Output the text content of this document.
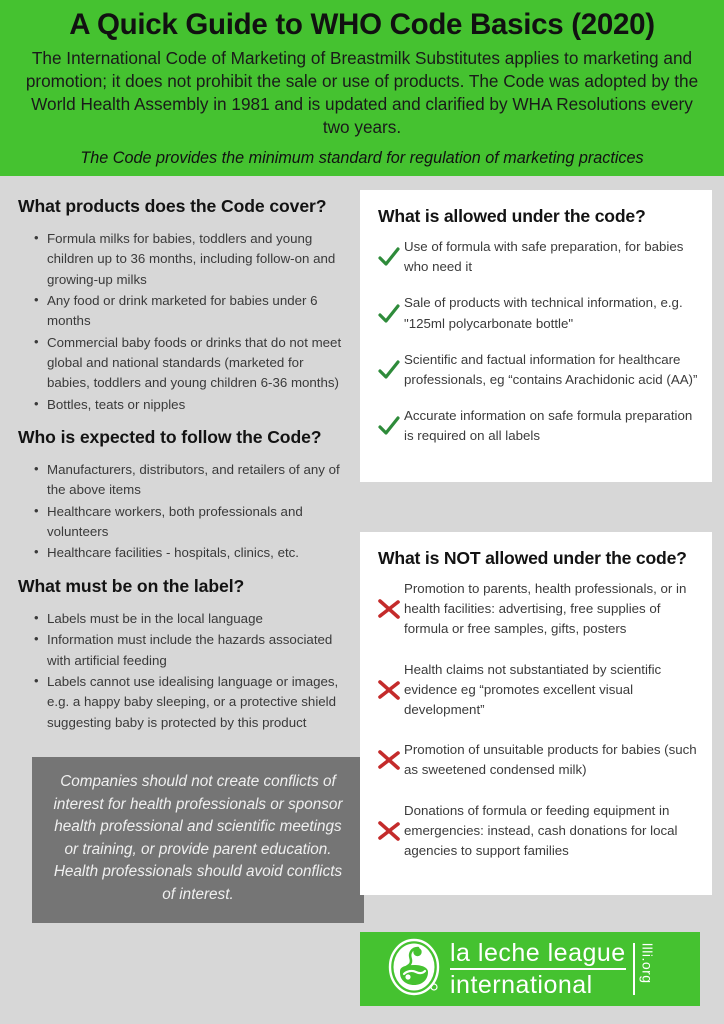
A Quick Guide to WHO Code Basics (2020)
The International Code of Marketing of Breastmilk Substitutes applies to marketing and promotion; it does not prohibit the sale or use of products. The Code was adopted by the World Health Assembly in 1981 and is updated and clarified by WHA Resolutions every two years.
The Code provides the minimum standard for regulation of marketing practices
What products does the Code cover?
• Formula milks for babies, toddlers and young children up to 36 months, including follow-on and growing-up milks
• Any food or drink marketed for babies under 6 months
• Commercial baby foods or drinks that do not meet global and national standards (marketed for babies, toddlers and young children 6-36 months)
• Bottles, teats or nipples
Who is expected to follow the Code?
• Manufacturers, distributors, and retailers of any of the above items
• Healthcare workers, both professionals and volunteers
• Healthcare facilities - hospitals, clinics, etc.
What must be on the label?
• Labels must be in the local language
• Information must include the hazards associated with artificial feeding
• Labels cannot use idealising language or images, e.g. a happy baby sleeping, or a protective shield suggesting baby is protected by this product
Companies should not create conflicts of interest for health professionals or sponsor health professional and scientific meetings or training, or provide parent education. Health professionals should avoid conflicts of interest.
What is allowed under the code?
Use of formula with safe preparation, for babies who need it
Sale of products with technical information, e.g. "125ml polycarbonate bottle"
Scientific and factual information for healthcare professionals, eg “contains Arachidonic acid (AA)”
Accurate information on safe formula preparation is required on all labels
What is NOT allowed under the code?
Promotion to parents, health professionals, or in health facilities: advertising, free supplies of formula or free samples, gifts, posters
Health claims not substantiated by scientific evidence eg “promotes excellent visual development”
Promotion of unsuitable products for babies (such as sweetened condensed milk)
Donations of formula or feeding equipment in emergencies: instead, cash donations for local agencies to support families
la leche league
international
llli.org
